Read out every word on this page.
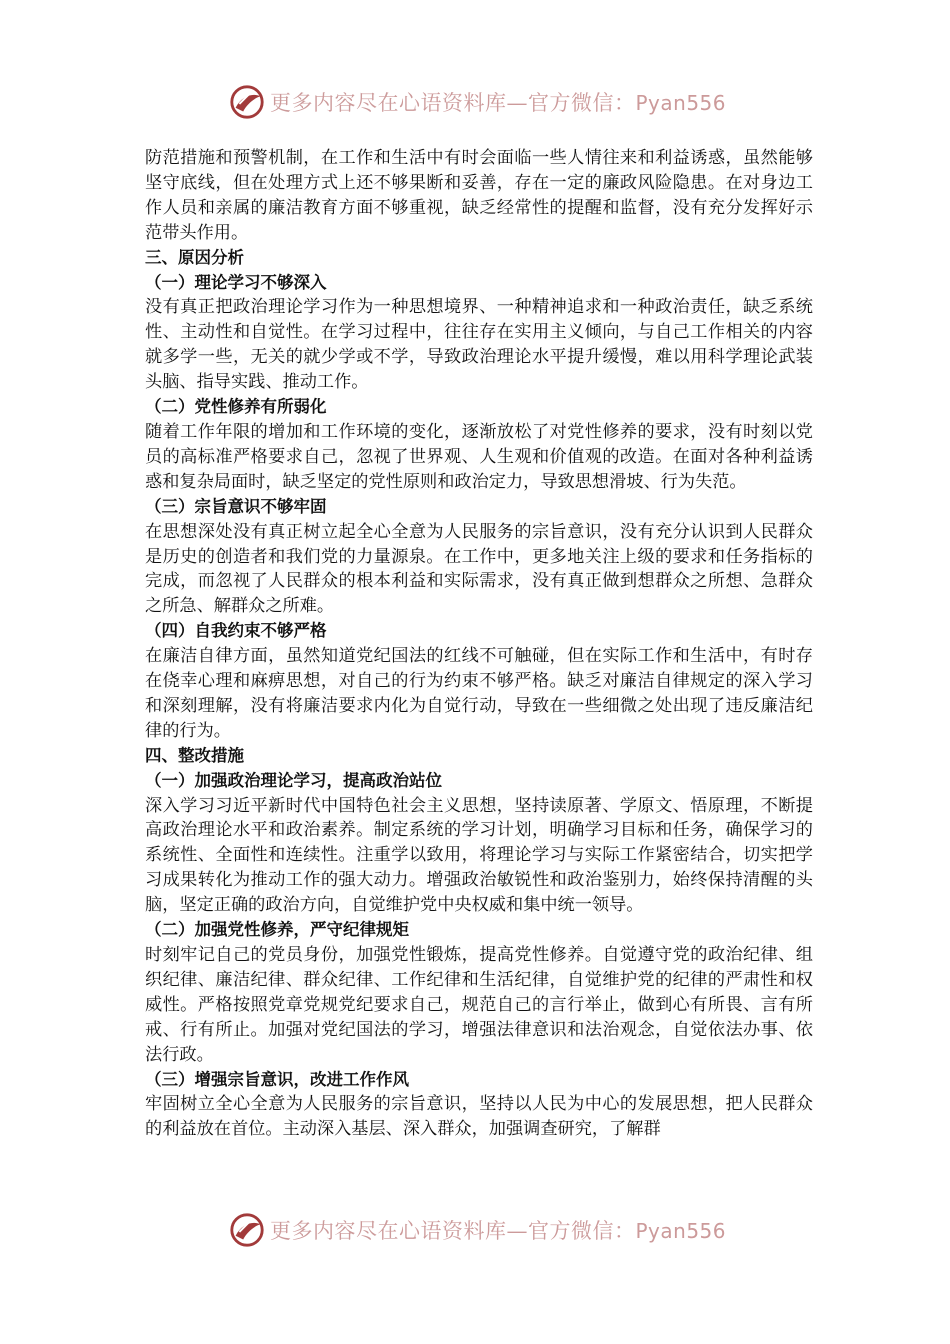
更多内容尽在心语资料库—官方微信：Pyan556

防范措施和预警机制，在工作和生活中有时会面临一些人情往来和利益诱惑，虽然能够坚守底线，但在处理方式上还不够果断和妥善，存在一定的廉政风险隐患。在对身边工作人员和亲属的廉洁教育方面不够重视，缺乏经常性的提醒和监督，没有充分发挥好示范带头作用。

三、原因分析

（一）理论学习不够深入

没有真正把政治理论学习作为一种思想境界、一种精神追求和一种政治责任，缺乏系统性、主动性和自觉性。在学习过程中，往往存在实用主义倾向，与自己工作相关的内容就多学一些，无关的就少学或不学，导致政治理论水平提升缓慢，难以用科学理论武装头脑、指导实践、推动工作。

（二）党性修养有所弱化

随着工作年限的增加和工作环境的变化，逐渐放松了对党性修养的要求，没有时刻以党员的高标准严格要求自己，忽视了世界观、人生观和价值观的改造。在面对各种利益诱惑和复杂局面时，缺乏坚定的党性原则和政治定力，导致思想滑坡、行为失范。

（三）宗旨意识不够牢固

在思想深处没有真正树立起全心全意为人民服务的宗旨意识，没有充分认识到人民群众是历史的创造者和我们党的力量源泉。在工作中，更多地关注上级的要求和任务指标的完成，而忽视了人民群众的根本利益和实际需求，没有真正做到想群众之所想、急群众之所急、解群众之所难。

（四）自我约束不够严格

在廉洁自律方面，虽然知道党纪国法的红线不可触碰，但在实际工作和生活中，有时存在侥幸心理和麻痹思想，对自己的行为约束不够严格。缺乏对廉洁自律规定的深入学习和深刻理解，没有将廉洁要求内化为自觉行动，导致在一些细微之处出现了违反廉洁纪律的行为。

四、整改措施

（一）加强政治理论学习，提高政治站位

深入学习习近平新时代中国特色社会主义思想，坚持读原著、学原文、悟原理，不断提高政治理论水平和政治素养。制定系统的学习计划，明确学习目标和任务，确保学习的系统性、全面性和连续性。注重学以致用，将理论学习与实际工作紧密结合，切实把学习成果转化为推动工作的强大动力。增强政治敏锐性和政治鉴别力，始终保持清醒的头脑，坚定正确的政治方向，自觉维护党中央权威和集中统一领导。

（二）加强党性修养，严守纪律规矩

时刻牢记自己的党员身份，加强党性锻炼，提高党性修养。自觉遵守党的政治纪律、组织纪律、廉洁纪律、群众纪律、工作纪律和生活纪律，自觉维护党的纪律的严肃性和权威性。严格按照党章党规党纪要求自己，规范自己的言行举止，做到心有所畏、言有所戒、行有所止。加强对党纪国法的学习，增强法律意识和法治观念，自觉依法办事、依法行政。

（三）增强宗旨意识，改进工作作风

牢固树立全心全意为人民服务的宗旨意识，坚持以人民为中心的发展思想，把人民群众的利益放在首位。主动深入基层、深入群众，加强调查研究，了解群

更多内容尽在心语资料库—官方微信：Pyan556
